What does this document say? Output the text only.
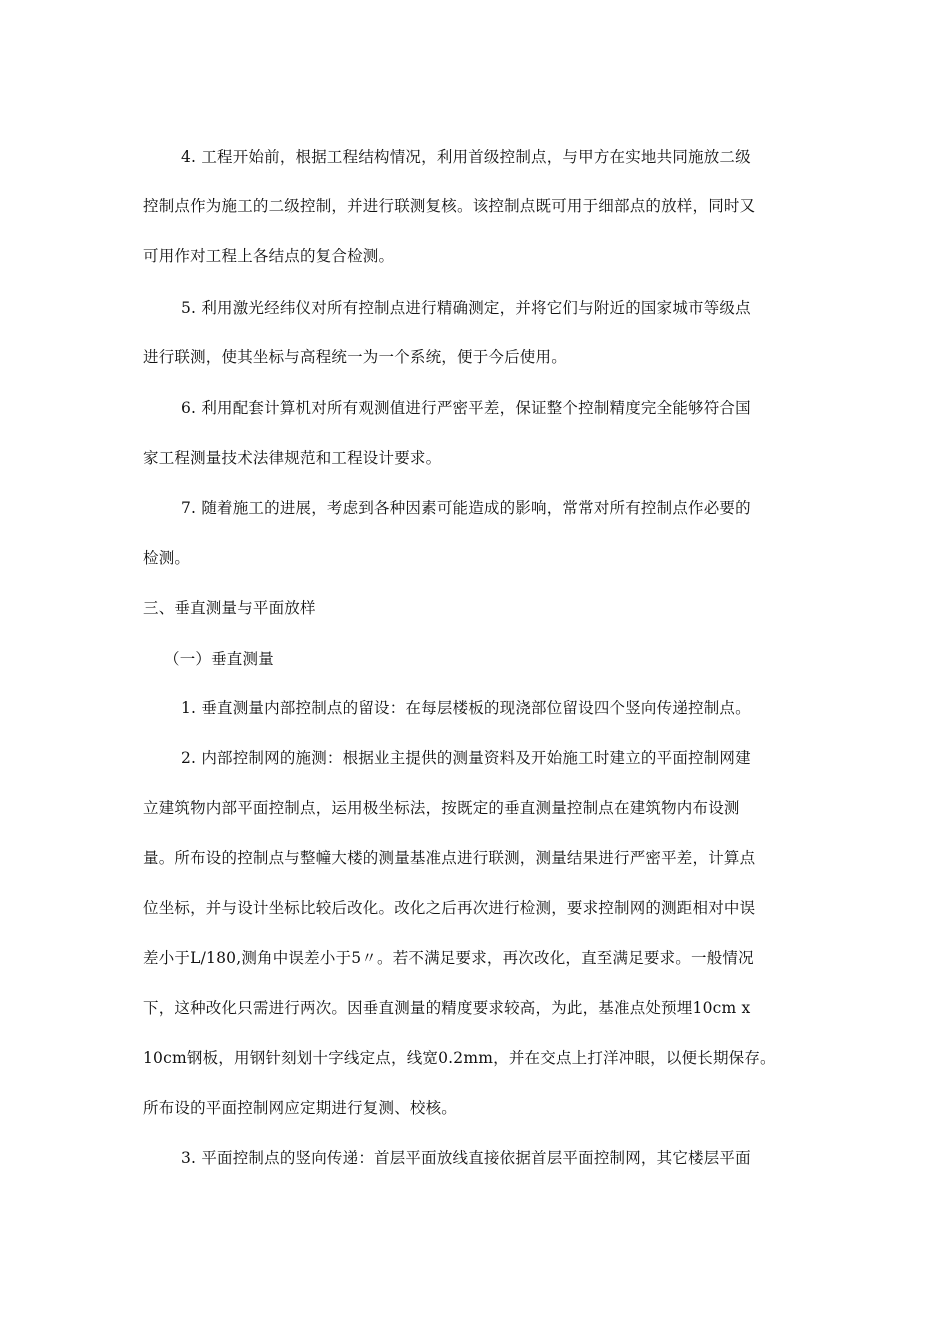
4. 工程开始前，根据工程结构情况，利用首级控制点，与甲方在实地共同施放二级
控制点作为施工的二级控制，并进行联测复核。该控制点既可用于细部点的放样，同时又
可用作对工程上各结点的复合检测。
5. 利用激光经纬仪对所有控制点进行精确测定，并将它们与附近的国家城市等级点
进行联测，使其坐标与高程统一为一个系统，便于今后使用。
6. 利用配套计算机对所有观测值进行严密平差，保证整个控制精度完全能够符合国
家工程测量技术法律规范和工程设计要求。
7. 随着施工的进展，考虑到各种因素可能造成的影响，常常对所有控制点作必要的
检测。
三、垂直测量与平面放样
（一）垂直测量
1. 垂直测量内部控制点的留设：在每层楼板的现浇部位留设四个竖向传递控制点。
2. 内部控制网的施测：根据业主提供的测量资料及开始施工时建立的平面控制网建
立建筑物内部平面控制点，运用极坐标法，按既定的垂直测量控制点在建筑物内布设测
量。所布设的控制点与整幢大楼的测量基准点进行联测，测量结果进行严密平差，计算点
位坐标，并与设计坐标比较后改化。改化之后再次进行检测，要求控制网的测距相对中误
差小于L/180,测角中误差小于5〃。若不满足要求，再次改化，直至满足要求。一般情况
下，这种改化只需进行两次。因垂直测量的精度要求较高，为此，基准点处预埋10cm x
10cm钢板，用钢针刻划十字线定点，线宽0.2mm，并在交点上打洋冲眼，以便长期保存。
所布设的平面控制网应定期进行复测、校核。
3. 平面控制点的竖向传递：首层平面放线直接依据首层平面控制网，其它楼层平面
